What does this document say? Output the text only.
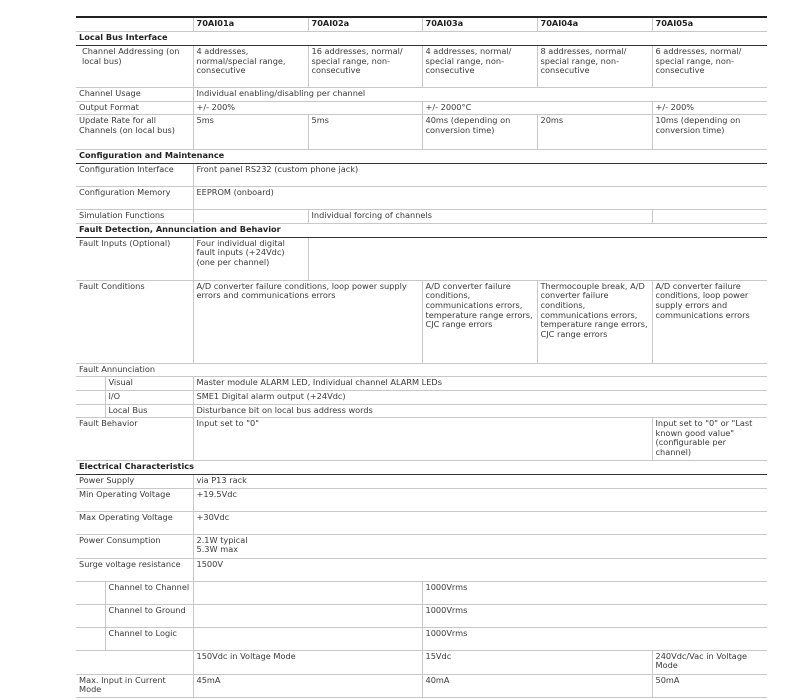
		70AI01a	70AI02a	70AI03a	70AI04a	70AI05a
Local Bus Interface						
Channel Addressing (on local bus)		4 addresses, normal/special range, consecutive	16 addresses, normal/ special range, non-consecutive	4 addresses, normal/ special range, non-consecutive	8 addresses, normal/ special range, non-consecutive	6 addresses, normal/ special range, non-consecutive
Channel Usage		Individual enabling/disabling per channel				
Output Format		+/- 200%		+/- 2000°C		+/- 200%
Update Rate for all Channels (on local bus)		5ms	5ms	40ms (depending on conversion time)	20ms	10ms (depending on conversion time)
Configuration and Maintenance						
Configuration Interface		Front panel RS232 (custom phone jack)				
Configuration Memory		EEPROM (onboard)				
Simulation Functions			Individual forcing of channels			
Fault Detection, Annunciation and Behavior						
Fault Inputs (Optional)		Four individual digital fault inputs (+24Vdc) (one per channel)				
Fault Conditions		A/D converter failure conditions, loop power supply errors and communications errors		A/D converter failure conditions, communications errors, temperature range errors, CJC range errors	Thermocouple break, A/D converter failure conditions, communications errors, temperature range errors, CJC range errors	A/D converter failure conditions, loop power supply errors and communications errors
Fault Annunciation						
	Visual	Master module ALARM LED, Individual channel ALARM LEDs				
	I/O	SME1 Digital alarm output (+24Vdc)				
	Local Bus	Disturbance bit on local bus address words				
Fault Behavior		Input set to "0"				Input set to "0" or "Last known good value" (configurable per channel)
Electrical Characteristics						
Power Supply		via P13 rack				
Min Operating Voltage		+19.5Vdc				
Max Operating Voltage		+30Vdc				
Power Consumption		2.1W typical
5.3W max				

Surge voltage resistance		1500V				
	Channel to Channel			1000Vrms		
	Channel to Ground			1000Vrms		
	Channel to Logic			1000Vrms		
		150Vdc in Voltage Mode		15Vdc		240Vdc/Vac in Voltage Mode
Max. Input in Current Mode		45mA		40mA		50mA
